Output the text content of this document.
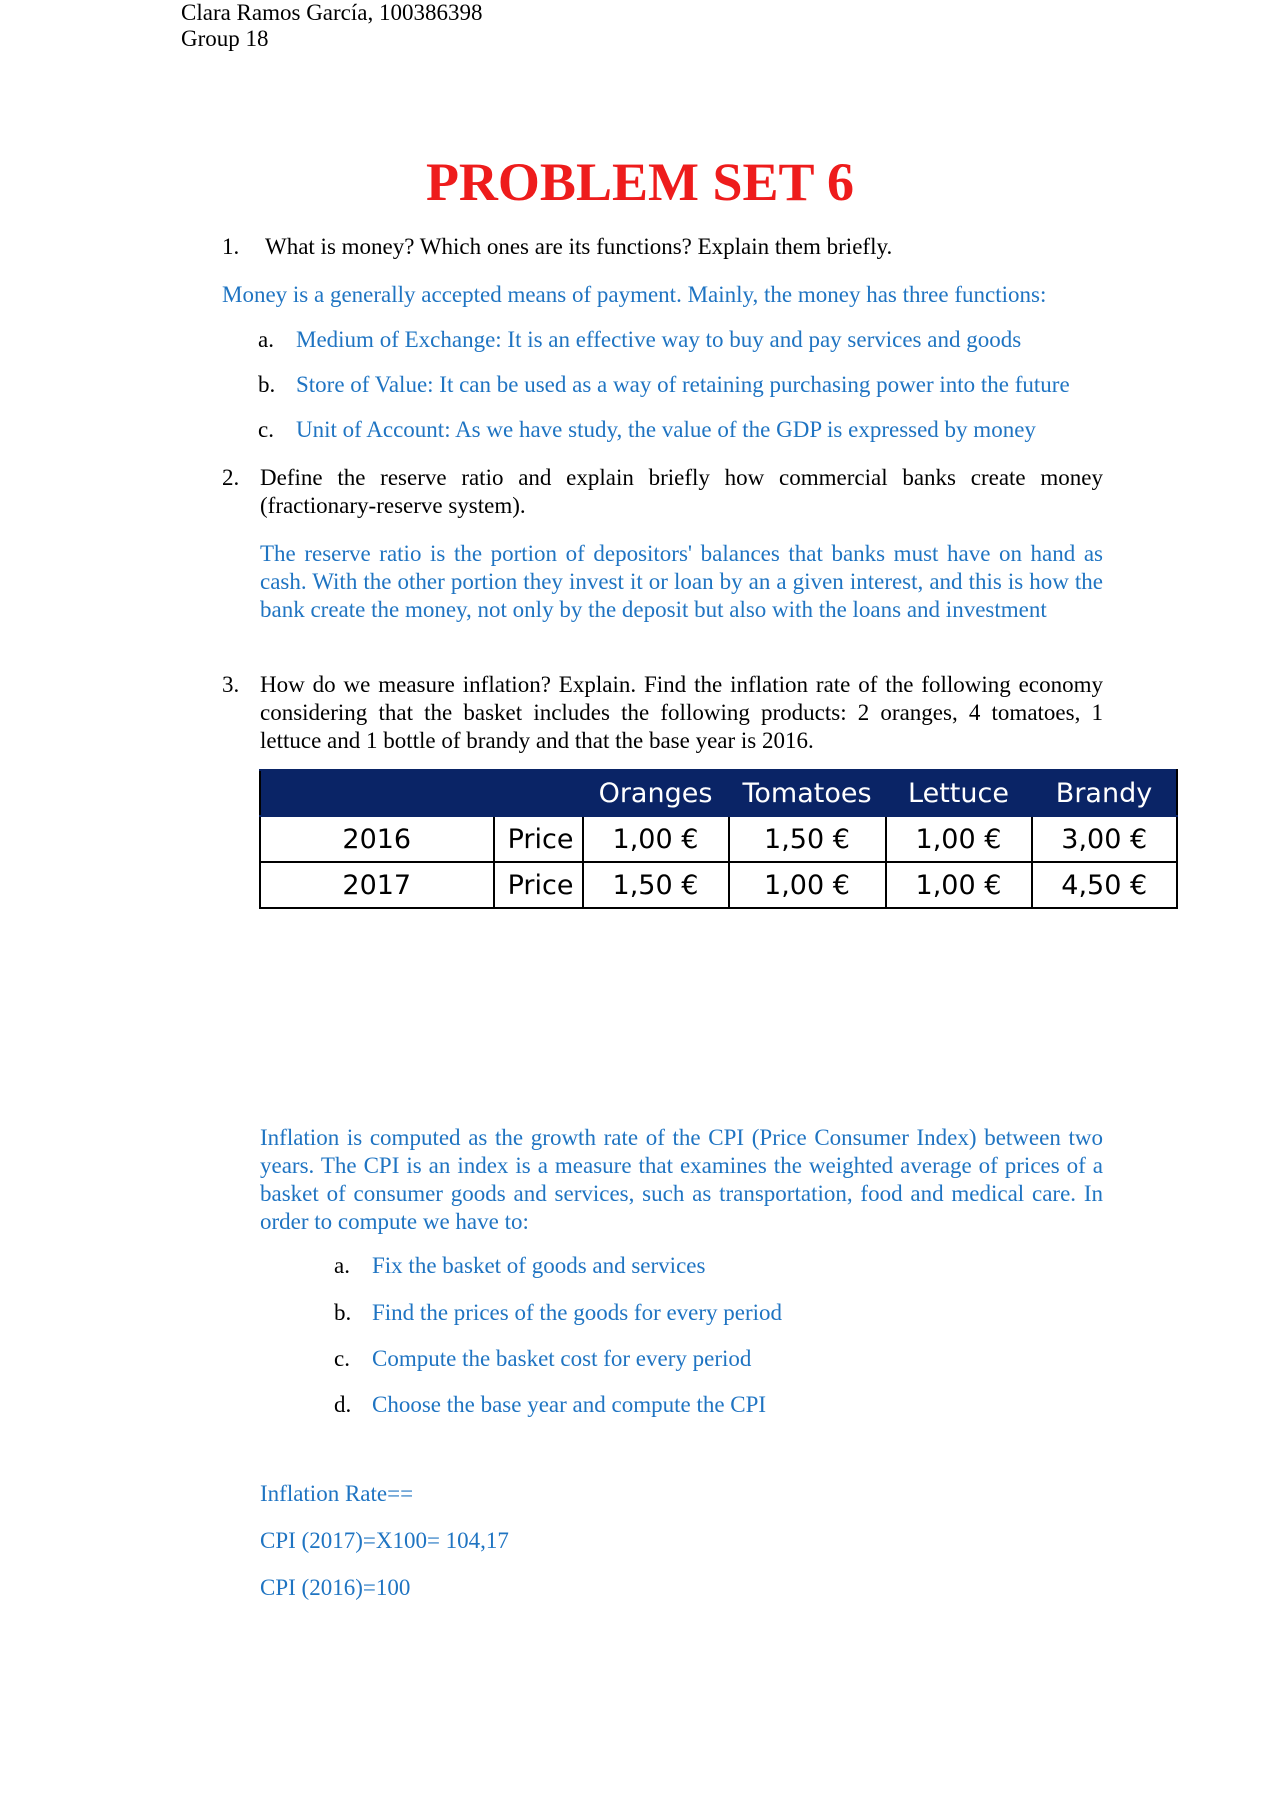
Clara Ramos García, 100386398
Group 18
PROBLEM SET 6
1. What is money? Which ones are its functions? Explain them briefly.
Money is a generally accepted means of payment. Mainly, the money has three functions:
a. Medium of Exchange: It is an effective way to buy and pay services and goods
b. Store of Value: It can be used as a way of retaining purchasing power into the future
c. Unit of Account: As we have study, the value of the GDP is expressed by money
2. Define the reserve ratio and explain briefly how commercial banks create money (fractionary-reserve system).
The reserve ratio is the portion of depositors' balances that banks must have on hand as cash. With the other portion they invest it or loan by an a given interest, and this is how the bank create the money, not only by the deposit but also with the loans and investment
3. How do we measure inflation? Explain. Find the inflation rate of the following economy considering that the basket includes the following products: 2 oranges, 4 tomatoes, 1 lettuce and 1 bottle of brandy and that the base year is 2016.
		Oranges	Tomatoes	Lettuce	Brandy
2016	Price	1,00 €	1,50 €	1,00 €	3,00 €
2017	Price	1,50 €	1,00 €	1,00 €	4,50 €
Inflation is computed as the growth rate of the CPI (Price Consumer Index) between two years. The CPI is an index is a measure that examines the weighted average of prices of a basket of consumer goods and services, such as transportation, food and medical care. In order to compute we have to:
a. Fix the basket of goods and services
b. Find the prices of the goods for every period
c. Compute the basket cost for every period
d. Choose the base year and compute the CPI
Inflation Rate==
CPI (2017)=X100= 104,17
CPI (2016)=100
